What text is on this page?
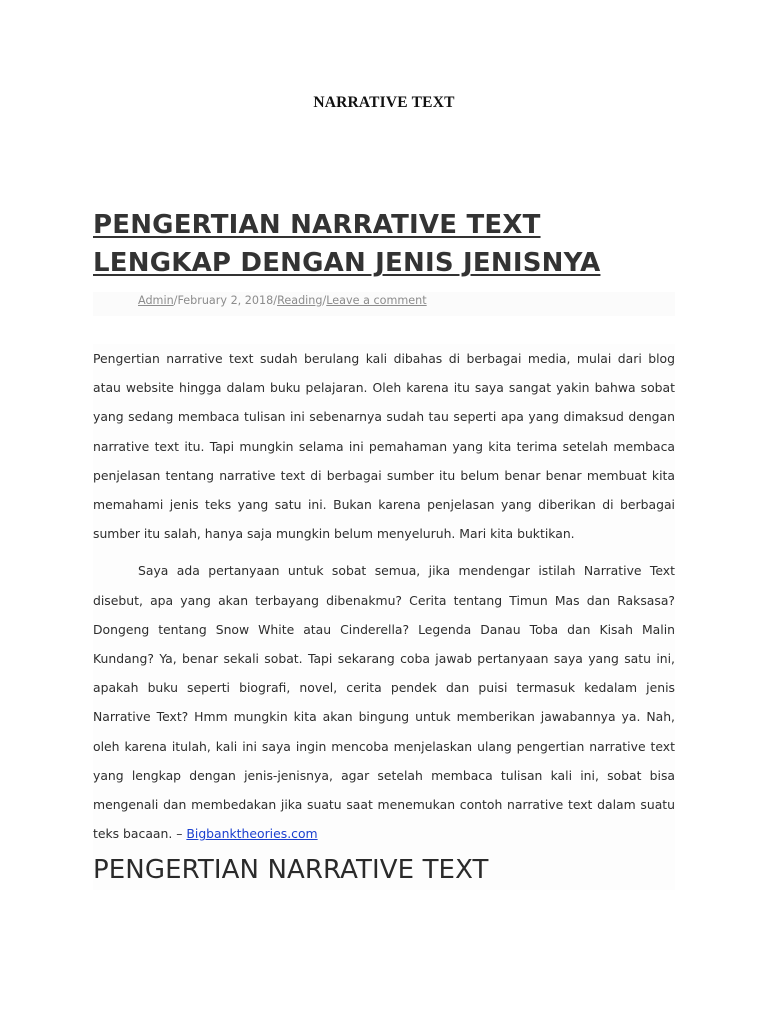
NARRATIVE TEXT
PENGERTIAN NARRATIVE TEXT LENGKAP DENGAN JENIS JENISNYA
Admin/February 2, 2018/Reading/Leave a comment

Pengertian narrative text sudah berulang kali dibahas di berbagai media, mulai dari blog atau website hingga dalam buku pelajaran. Oleh karena itu saya sangat yakin bahwa sobat yang sedang membaca tulisan ini sebenarnya sudah tau seperti apa yang dimaksud dengan narrative text itu. Tapi mungkin selama ini pemahaman yang kita terima setelah membaca penjelasan tentang narrative text di berbagai sumber itu belum benar benar membuat kita memahami jenis teks yang satu ini. Bukan karena penjelasan yang diberikan di berbagai sumber itu salah, hanya saja mungkin belum menyeluruh. Mari kita buktikan.

Saya ada pertanyaan untuk sobat semua, jika mendengar istilah Narrative Text disebut, apa yang akan terbayang dibenakmu? Cerita tentang Timun Mas dan Raksasa? Dongeng tentang Snow White atau Cinderella? Legenda Danau Toba dan Kisah Malin Kundang? Ya, benar sekali sobat. Tapi sekarang coba jawab pertanyaan saya yang satu ini, apakah buku seperti biografi, novel, cerita pendek dan puisi termasuk kedalam jenis Narrative Text? Hmm mungkin kita akan bingung untuk memberikan jawabannya ya. Nah, oleh karena itulah, kali ini saya ingin mencoba menjelaskan ulang pengertian narrative text yang lengkap dengan jenis-jenisnya, agar setelah membaca tulisan kali ini, sobat bisa mengenali dan membedakan jika suatu saat menemukan contoh narrative text dalam suatu teks bacaan. – Bigbanktheories.com

PENGERTIAN NARRATIVE TEXT
